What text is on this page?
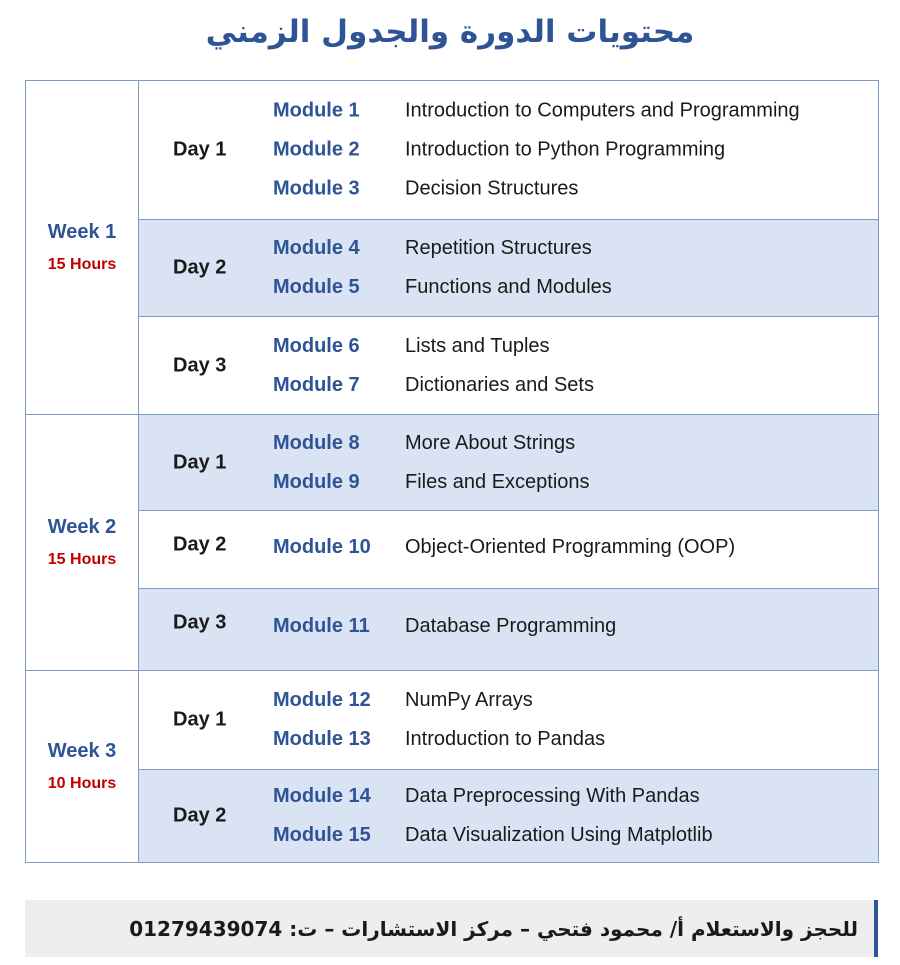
محتويات الدورة والجدول الزمني
Week 1
15 Hours
Day 1
Module 1 Introduction to Computers and Programming
Module 2 Introduction to Python Programming
Module 3 Decision Structures
Day 2
Module 4 Repetition Structures
Module 5 Functions and Modules
Day 3
Module 6 Lists and Tuples
Module 7 Dictionaries and Sets
Week 2
15 Hours
Day 1
Module 8 More About Strings
Module 9 Files and Exceptions
Day 2 Module 10 Object-Oriented Programming (OOP)
Day 3 Module 11 Database Programming
Week 3
10 Hours
Day 1
Module 12 NumPy Arrays
Module 13 Introduction to Pandas
Day 2
Module 14 Data Preprocessing With Pandas
Module 15 Data Visualization Using Matplotlib
للحجز والاستعلام أ/ محمود فتحي – مركز الاستشارات – ت: 01279439074
